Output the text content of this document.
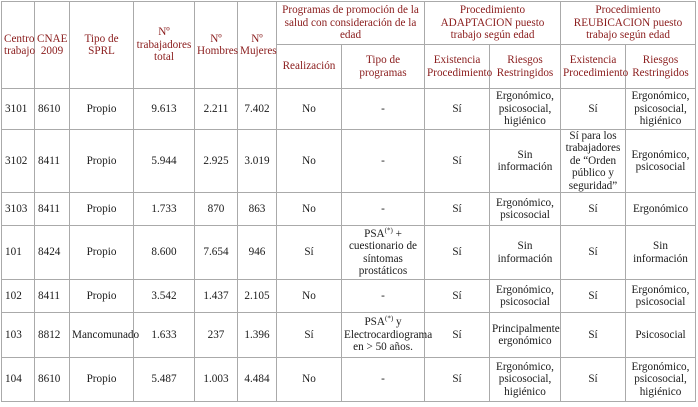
Centro trabajo	CNAE 2009	Tipo de SPRL	Nº trabajadores total	Nº Hombres	Nº Mujeres	Programas de promoción de la salud con consideración de la edad		Procedimiento ADAPTACION puesto trabajo según edad		Procedimiento REUBICACION puesto trabajo según edad	
						Realización	Tipo de programas	Existencia Procedimiento	Riesgos Restringidos	Existencia Procedimiento	Riesgos Restringidos
3101	8610	Propio	9.613	2.211	7.402	No	-	Sí	Ergonómico, psicosocial, higiénico	Sí	Ergonómico, psicosocial, higiénico
3102	8411	Propio	5.944	2.925	3.019	No	-	Sí	Sin información	Sí para los trabajadores de “Orden público y seguridad”	Ergonómico, psicosocial
3103	8411	Propio	1.733	870	863	No	-	Sí	Ergonómico, psicosocial	Sí	Ergonómico
101	8424	Propio	8.600	7.654	946	Sí	PSA(*) + cuestionario de síntomas prostáticos	Sí	Sin información	Sí	Sin información
102	8411	Propio	3.542	1.437	2.105	No	-	Sí	Ergonómico, psicosocial	Sí	Ergonómico, psicosocial
103	8812	Mancomunado	1.633	237	1.396	Sí	PSA(*) y Electrocardiograma en > 50 años.	Sí	Principalmente ergonómico	Sí	Psicosocial
104	8610	Propio	5.487	1.003	4.484	No	-	Sí	Ergonómico, psicosocial, higiénico	Sí	Ergonómico, psicosocial, higiénico
